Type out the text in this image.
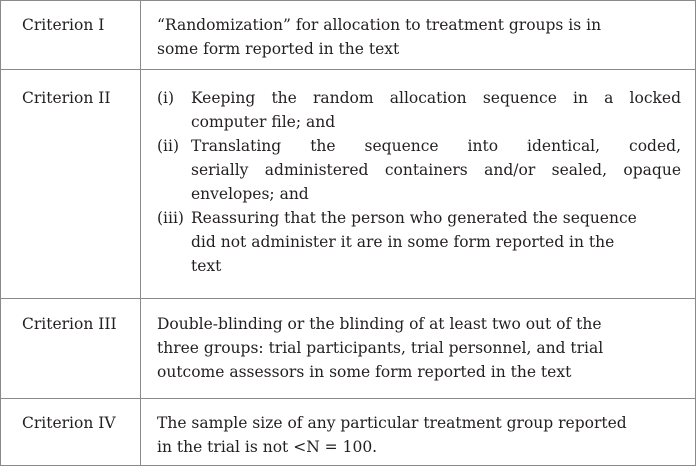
Criterion I	“Randomization” for allocation to treatment groups is in
some form reported in the text
Criterion II	(i) Keeping the random allocation sequence in a locked
computer file; and
(ii) Translating the sequence into identical, coded,
serially administered containers and/or sealed, opaque
envelopes; and
(iii) Reassuring that the person who generated the sequence
did not administer it are in some form reported in the
text
Criterion III	Double-blinding or the blinding of at least two out of the
three groups: trial participants, trial personnel, and trial
outcome assessors in some form reported in the text
Criterion IV	The sample size of any particular treatment group reported
in the trial is not <N = 100.
